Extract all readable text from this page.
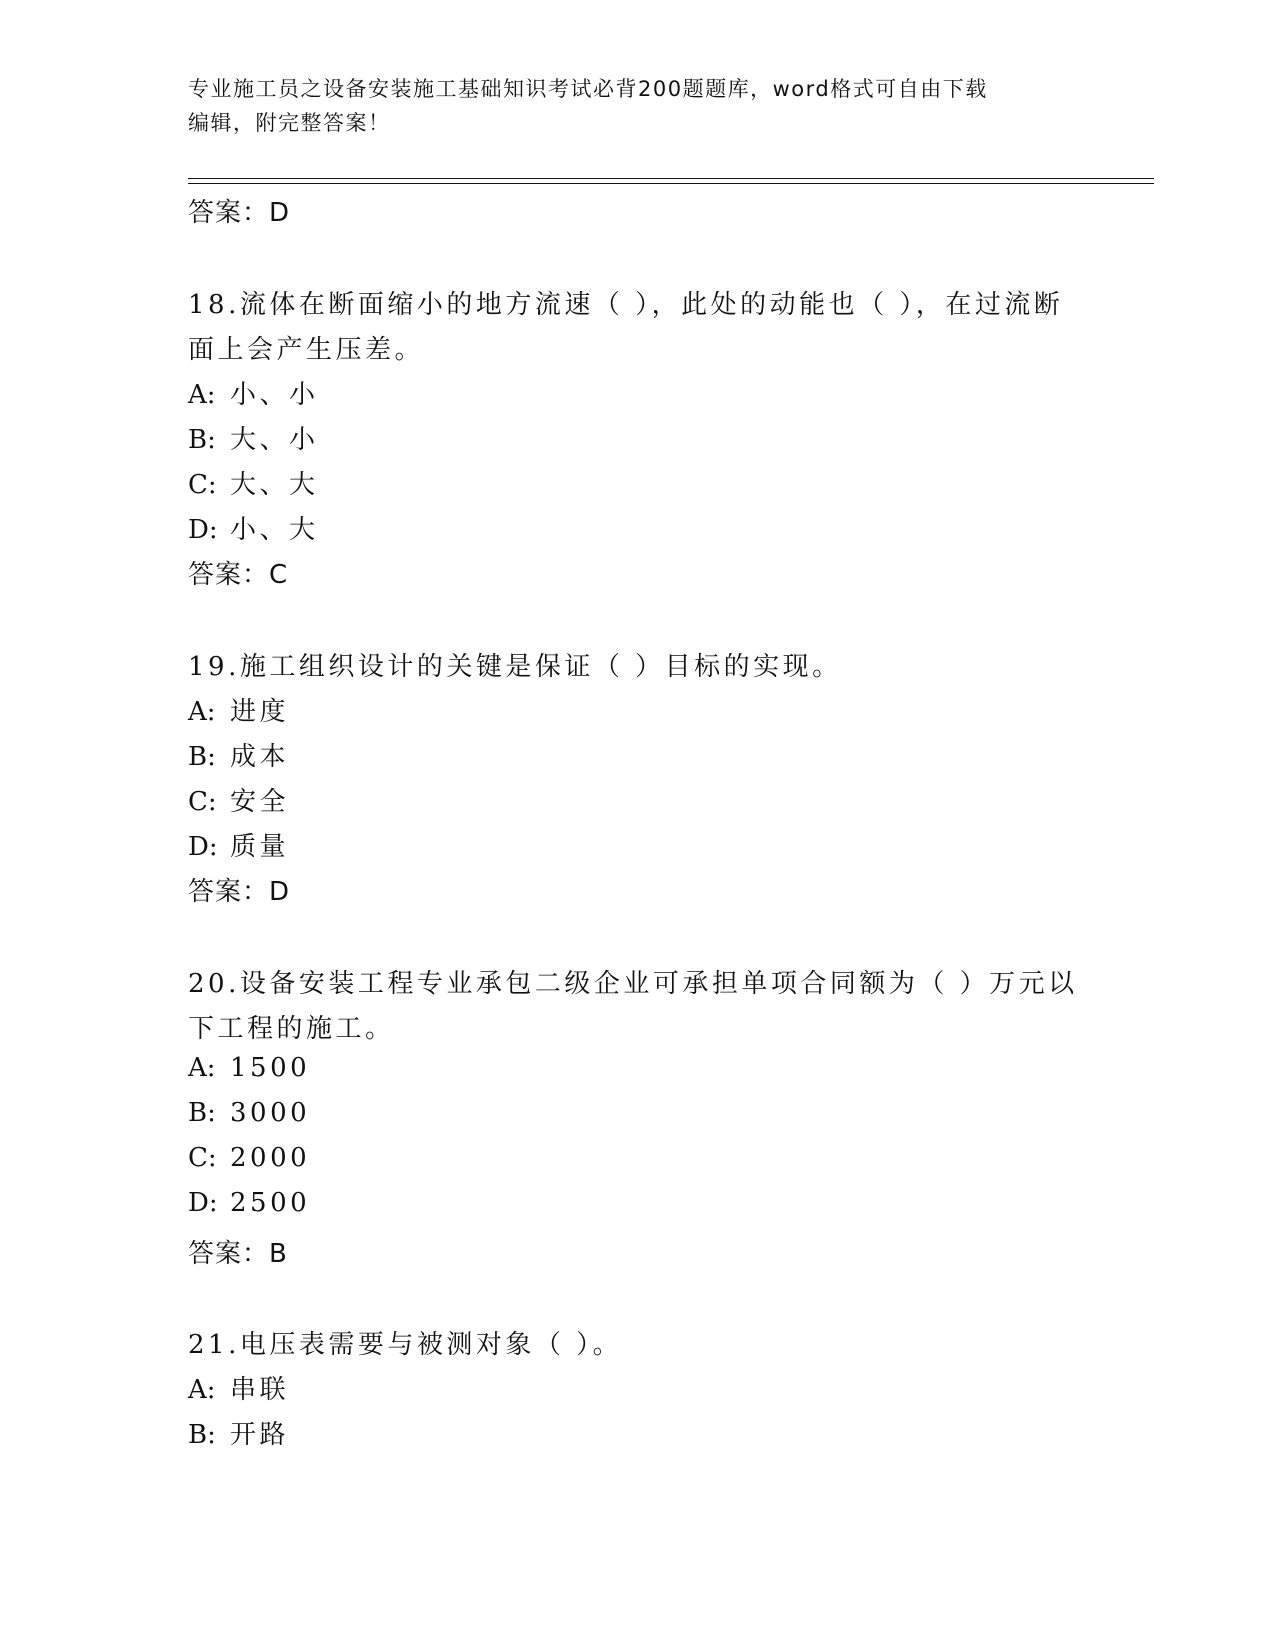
专业施工员之设备安装施工基础知识考试必背200题题库，word格式可自由下载
编辑，附完整答案！
答案：D
18.流体在断面缩小的地方流速（ ），此处的动能也（ ），在过流断
面上会产生压差。
A: 小、小
B: 大、小
C: 大、大
D: 小、大
答案：C
19.施工组织设计的关键是保证（ ）目标的实现。
A: 进度
B: 成本
C: 安全
D: 质量
答案：D
20.设备安装工程专业承包二级企业可承担单项合同额为（ ）万元以
下工程的施工。
A: 1500
B: 3000
C: 2000
D: 2500
答案：B
21.电压表需要与被测对象（ ）。
A: 串联
B: 开路
